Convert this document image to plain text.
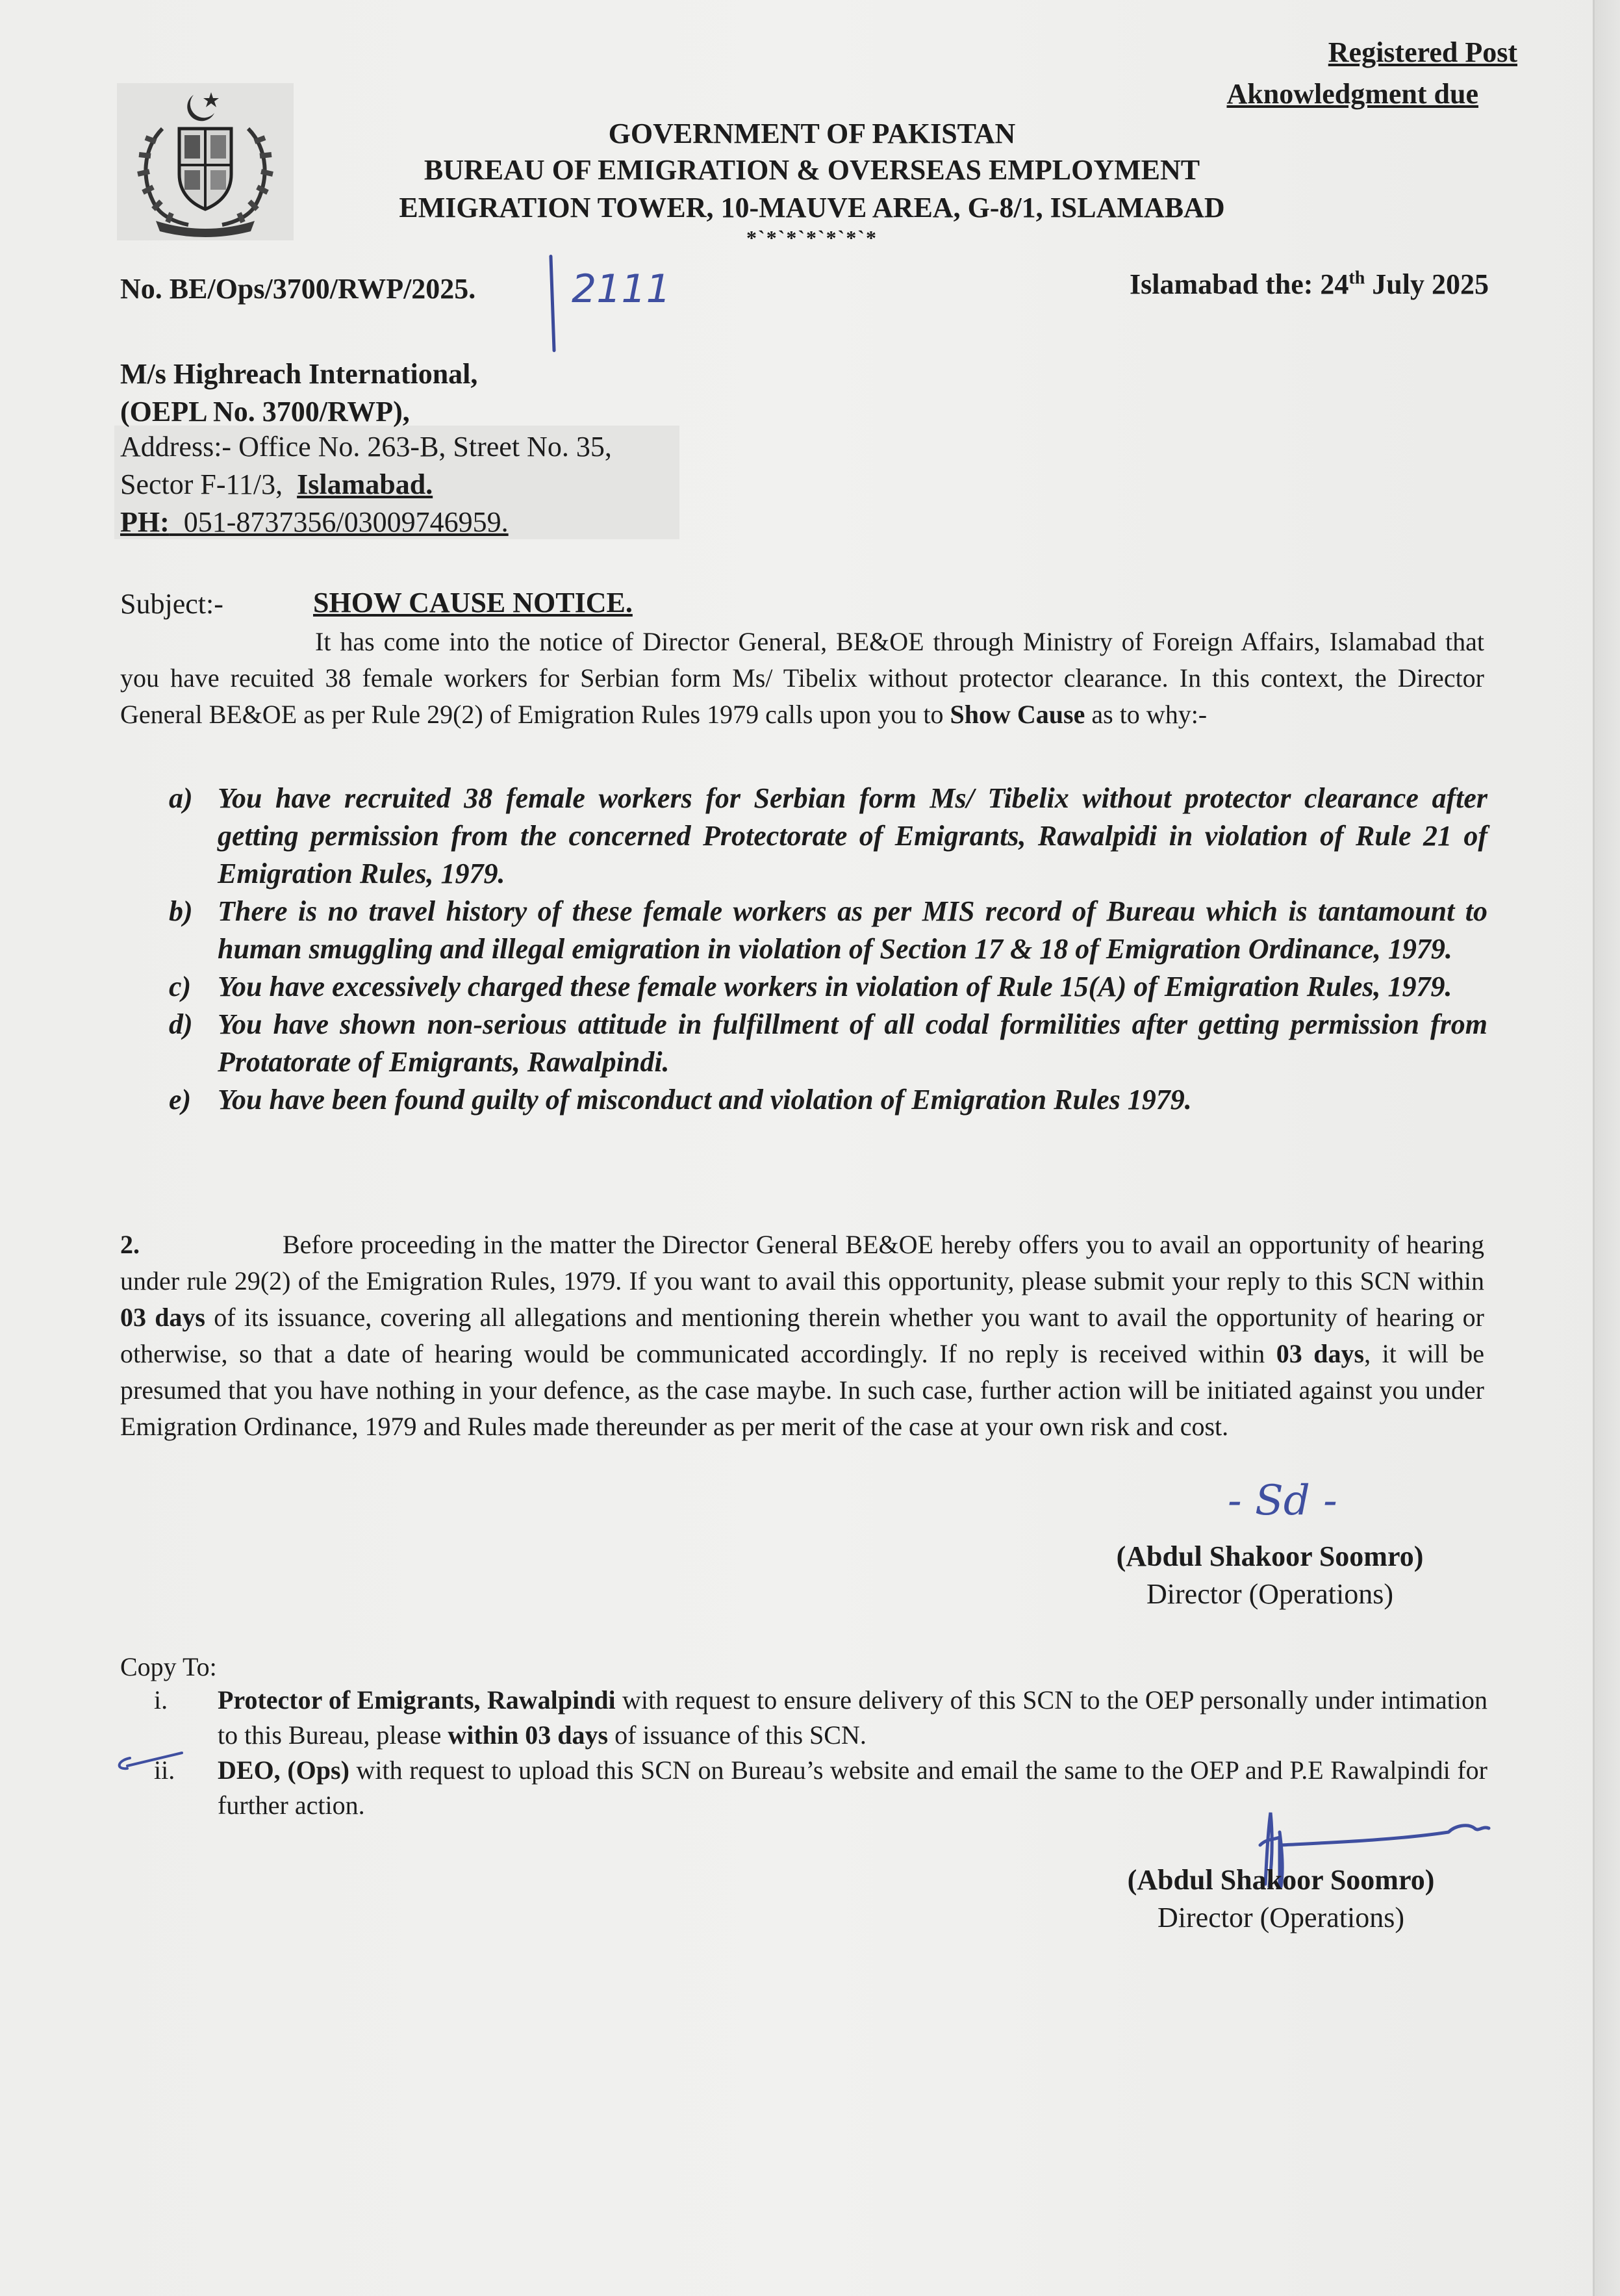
Registered Post
Aknowledgment due
GOVERNMENT OF PAKISTAN
BUREAU OF EMIGRATION & OVERSEAS EMPLOYMENT
EMIGRATION TOWER, 10-MAUVE AREA, G-8/1, ISLAMABAD
*`*`*`*`*`*`*
No. BE/Ops/3700/RWP/2025. 2111	Islamabad the: 24th July 2025
M/s Highreach International,
(OEPL No. 3700/RWP),
Address:- Office No. 263-B, Street No. 35,
Sector F-11/3,  Islamabad.
PH:  051-8737356/03009746959.
Subject:-	SHOW CAUSE NOTICE.
It has come into the notice of Director General, BE&OE through Ministry of Foreign Affairs, Islamabad that you have recuited 38 female workers for Serbian form Ms/ Tibelix without protector clearance. In this context, the Director General BE&OE as per Rule 29(2) of Emigration Rules 1979 calls upon you to Show Cause as to why:-
a) You have recruited 38 female workers for Serbian form Ms/ Tibelix without protector clearance after getting permission from the concerned Protectorate of Emigrants, Rawalpidi in violation of Rule 21 of Emigration Rules, 1979.
b) There is no travel history of these female workers as per MIS record of Bureau which is tantamount to human smuggling and illegal emigration in violation of Section 17 & 18 of Emigration Ordinance, 1979.
c) You have excessively charged these female workers in violation of Rule 15(A) of Emigration Rules, 1979.
d) You have shown non-serious attitude in fulfillment of all codal formilities after getting permission from Protatorate of Emigrants, Rawalpindi.
e) You have been found guilty of misconduct and violation of Emigration Rules 1979.
2.	Before proceeding in the matter the Director General BE&OE hereby offers you to avail an opportunity of hearing under rule 29(2) of the Emigration Rules, 1979. If you want to avail this opportunity, please submit your reply to this SCN within 03 days of its issuance, covering all allegations and mentioning therein whether you want to avail the opportunity of hearing or otherwise, so that a date of hearing would be communicated accordingly. If no reply is received within 03 days, it will be presumed that you have nothing in your defence, as the case maybe. In such case, further action will be initiated against you under Emigration Ordinance, 1979 and Rules made thereunder as per merit of the case at your own risk and cost.
- Sd -
(Abdul Shakoor Soomro)
Director (Operations)
Copy To:
i.	Protector of Emigrants, Rawalpindi with request to ensure delivery of this SCN to the OEP personally under intimation to this Bureau, please within 03 days of issuance of this SCN.
ii.	DEO, (Ops) with request to upload this SCN on Bureau’s website and email the same to the OEP and P.E Rawalpindi for further action.
(Abdul Shakoor Soomro)
Director (Operations)
